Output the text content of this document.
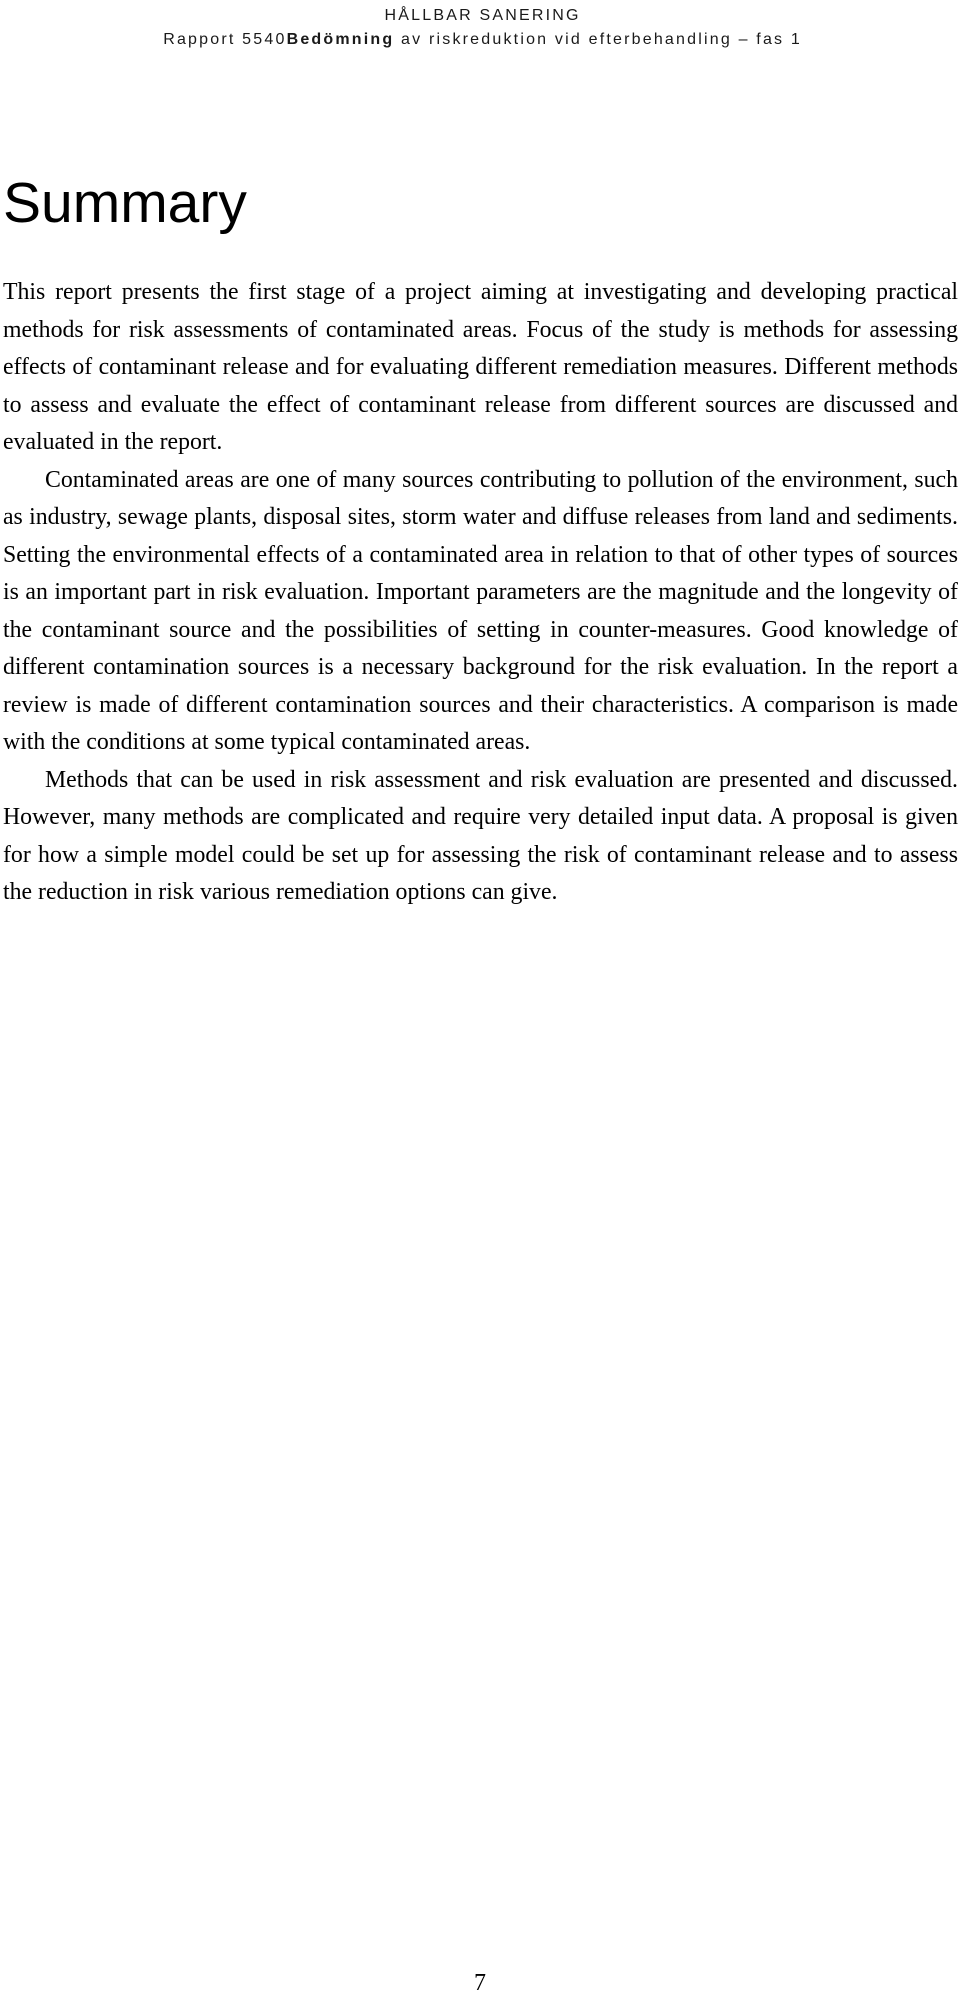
HÅLLBAR SANERING
Rapport 5540Bedömning av riskreduktion vid efterbehandling – fas 1
Summary

This report presents the first stage of a project aiming at investigating and developing practical methods for risk assessments of contaminated areas. Focus of the study is methods for assessing effects of contaminant release and for evaluating different remediation measures. Different methods to assess and evaluate the effect of contaminant release from different sources are discussed and evaluated in the report.

Contaminated areas are one of many sources contributing to pollution of the environment, such as industry, sewage plants, disposal sites, storm water and diffuse releases from land and sediments. Setting the environmental effects of a contaminated area in relation to that of other types of sources is an important part in risk evaluation. Important parameters are the magnitude and the longevity of the contaminant source and the possibilities of setting in counter-measures. Good knowledge of different contamination sources is a necessary background for the risk evaluation. In the report a review is made of different contamination sources and their characteristics. A comparison is made with the conditions at some typical contaminated areas.

Methods that can be used in risk assessment and risk evaluation are presented and discussed. However, many methods are complicated and require very detailed input data. A proposal is given for how a simple model could be set up for assessing the risk of contaminant release and to assess the reduction in risk various remediation options can give.

7
